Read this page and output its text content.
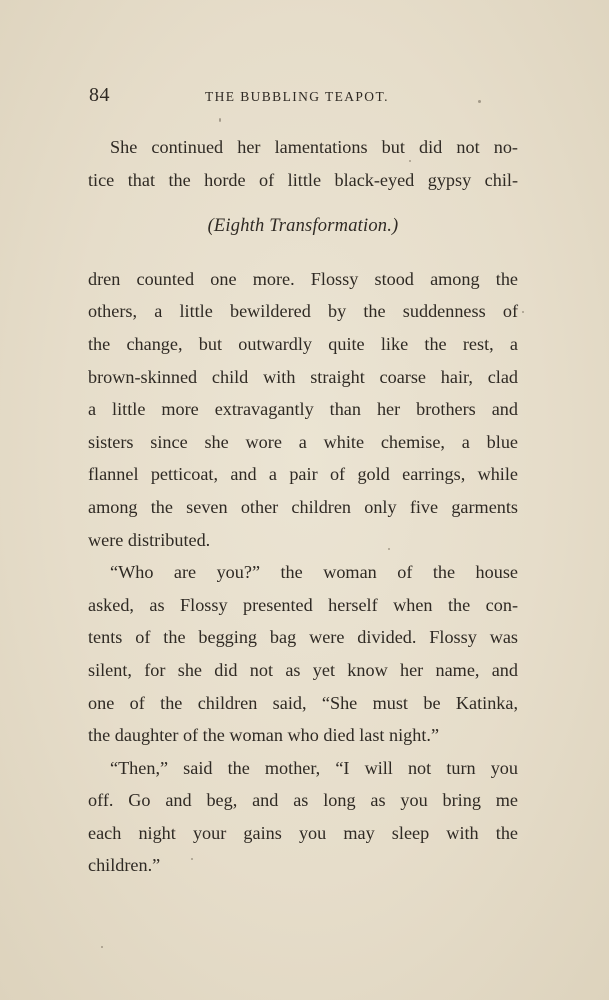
84	THE BUBBLING TEAPOT.
She continued her lamentations but did not no-
tice that the horde of little black-eyed gypsy chil-
(Eighth Transformation.)
dren counted one more. Flossy stood among the
others, a little bewildered by the suddenness of
the change, but outwardly quite like the rest, a
brown-skinned child with straight coarse hair, clad
a little more extravagantly than her brothers and
sisters since she wore a white chemise, a blue
flannel petticoat, and a pair of gold earrings, while
among the seven other children only five garments
were distributed.
“Who are you?” the woman of the house
asked, as Flossy presented herself when the con-
tents of the begging bag were divided. Flossy was
silent, for she did not as yet know her name, and
one of the children said, “She must be Katinka,
the daughter of the woman who died last night.”
“Then,” said the mother, “I will not turn you
off. Go and beg, and as long as you bring me
each night your gains you may sleep with the
children.”
